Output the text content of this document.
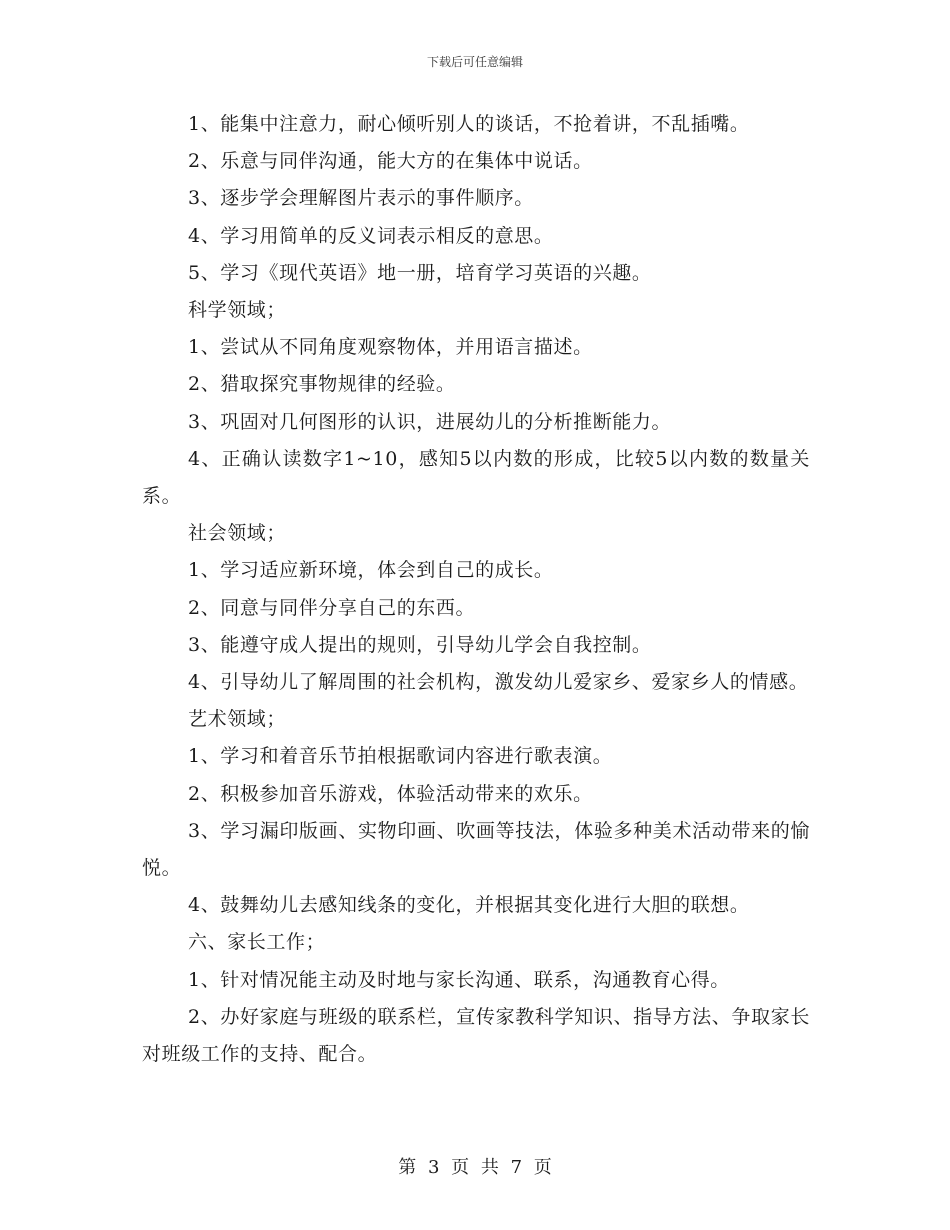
下载后可任意编辑

1、能集中注意力，耐心倾听别人的谈话，不抢着讲，不乱插嘴。

2、乐意与同伴沟通，能大方的在集体中说话。

3、逐步学会理解图片表示的事件顺序。

4、学习用简单的反义词表示相反的意思。

5、学习《现代英语》地一册，培育学习英语的兴趣。

科学领域；

1、尝试从不同角度观察物体，并用语言描述。

2、猎取探究事物规律的经验。

3、巩固对几何图形的认识，进展幼儿的分析推断能力。

4、正确认读数字1~10，感知5以内数的形成，比较5以内数的数量关系。

社会领域；

1、学习适应新环境，体会到自己的成长。

2、同意与同伴分享自己的东西。

3、能遵守成人提出的规则，引导幼儿学会自我控制。

4、引导幼儿了解周围的社会机构，激发幼儿爱家乡、爱家乡人的情感。

艺术领域；

1、学习和着音乐节拍根据歌词内容进行歌表演。

2、积极参加音乐游戏，体验活动带来的欢乐。

3、学习漏印版画、实物印画、吹画等技法，体验多种美术活动带来的愉悦。

4、鼓舞幼儿去感知线条的变化，并根据其变化进行大胆的联想。

六、家长工作；

1、针对情况能主动及时地与家长沟通、联系，沟通教育心得。

2、办好家庭与班级的联系栏，宣传家教科学知识、指导方法、争取家长对班级工作的支持、配合。

第 3 页 共 7 页
